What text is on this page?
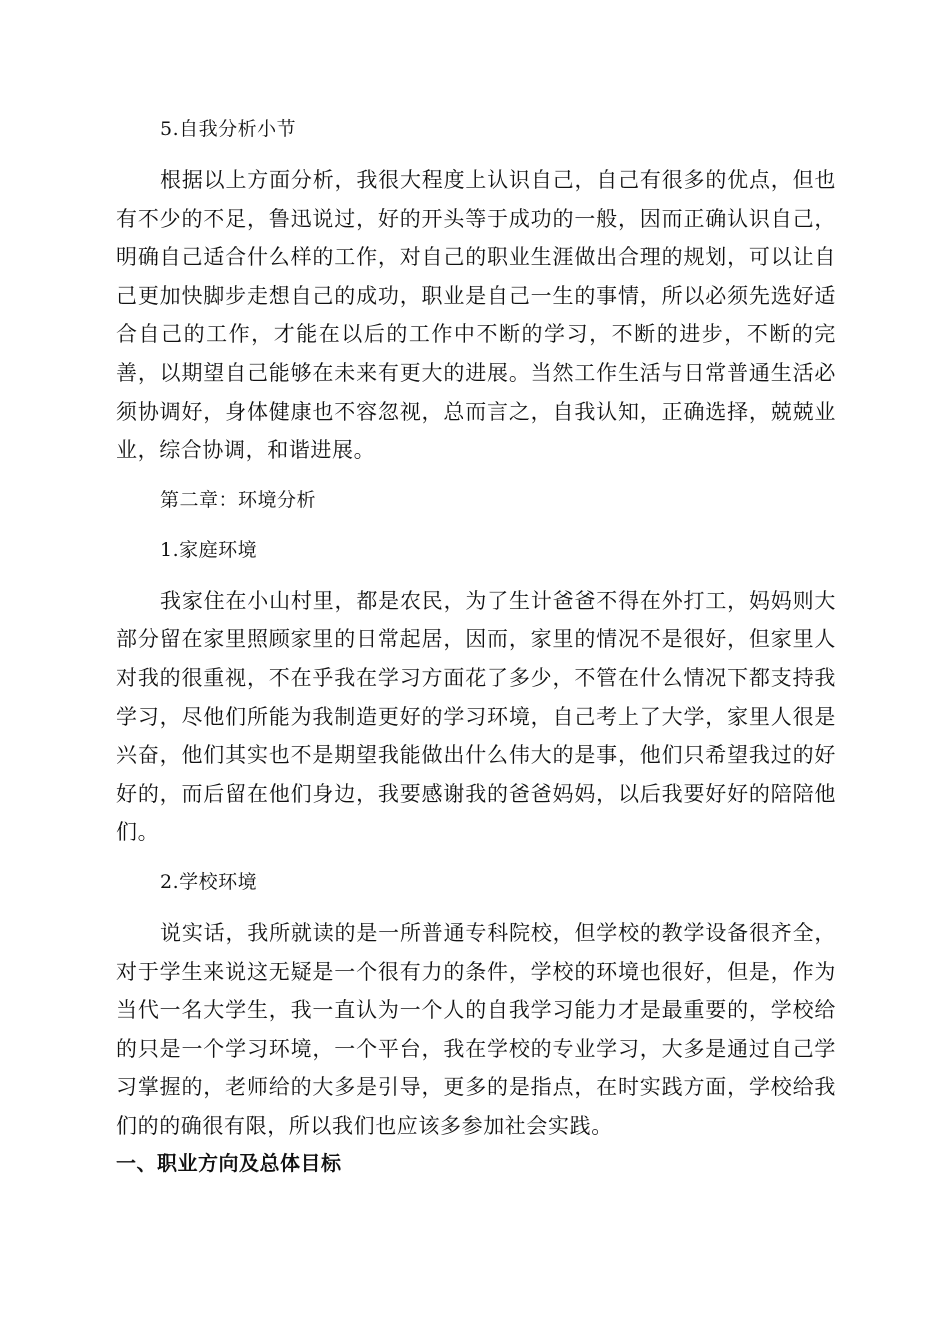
5.自我分析小节

根据以上方面分析，我很大程度上认识自己，自己有很多的优点，但也有不少的不足，鲁迅说过，好的开头等于成功的一般，因而正确认识自己，明确自己适合什么样的工作，对自己的职业生涯做出合理的规划，可以让自己更加快脚步走想自己的成功，职业是自己一生的事情，所以必须先选好适合自己的工作，才能在以后的工作中不断的学习，不断的进步，不断的完善，以期望自己能够在未来有更大的进展。当然工作生活与日常普通生活必须协调好，身体健康也不容忽视，总而言之，自我认知，正确选择，兢兢业业，综合协调，和谐进展。

第二章：环境分析

1.家庭环境

我家住在小山村里，都是农民，为了生计爸爸不得在外打工，妈妈则大部分留在家里照顾家里的日常起居，因而，家里的情况不是很好，但家里人对我的很重视，不在乎我在学习方面花了多少，不管在什么情况下都支持我学习，尽他们所能为我制造更好的学习环境，自己考上了大学，家里人很是兴奋，他们其实也不是期望我能做出什么伟大的是事，他们只希望我过的好好的，而后留在他们身边，我要感谢我的爸爸妈妈，以后我要好好的陪陪他们。

2.学校环境

说实话，我所就读的是一所普通专科院校，但学校的教学设备很齐全，对于学生来说这无疑是一个很有力的条件，学校的环境也很好，但是，作为当代一名大学生，我一直认为一个人的自我学习能力才是最重要的，学校给的只是一个学习环境，一个平台，我在学校的专业学习，大多是通过自己学习掌握的，老师给的大多是引导，更多的是指点，在时实践方面，学校给我们的的确很有限，所以我们也应该多参加社会实践。

一、职业方向及总体目标
